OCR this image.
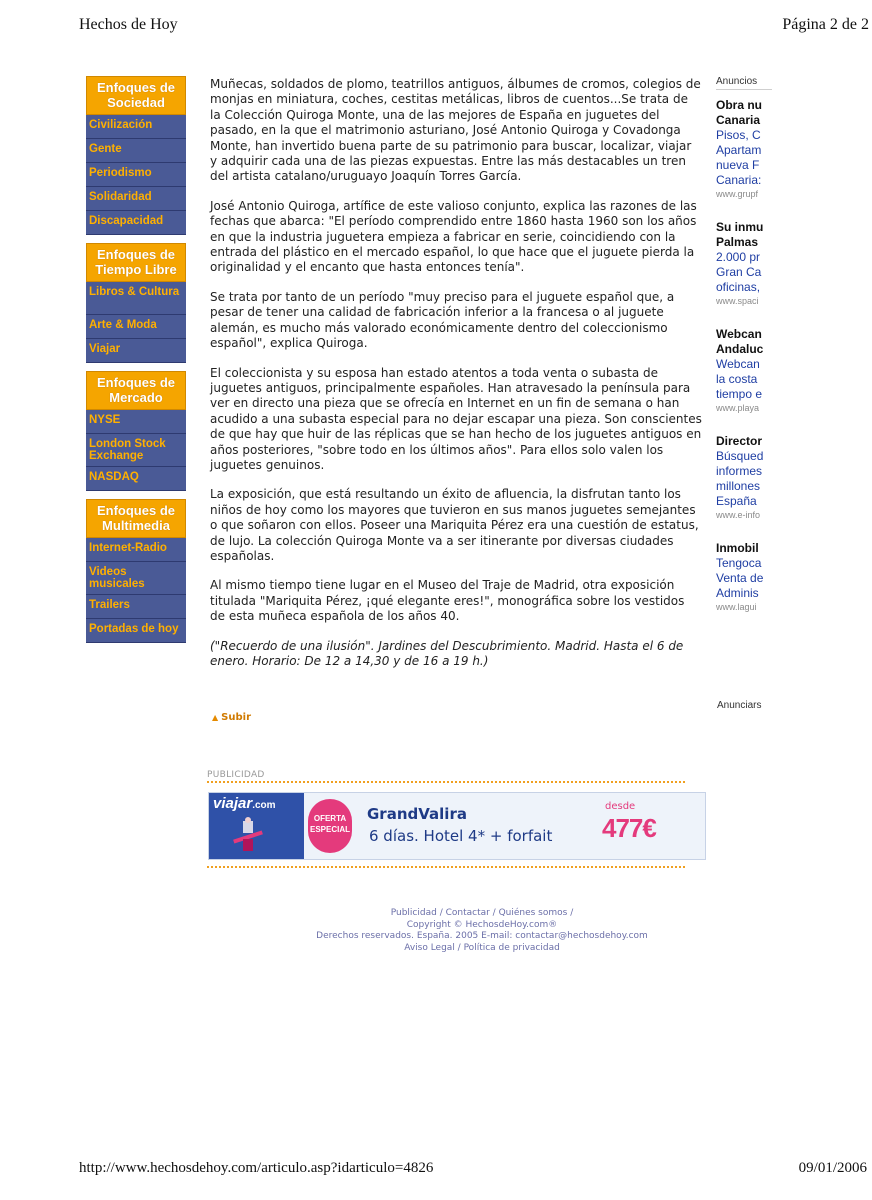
Hechos de Hoy	Página 2 de 2
Enfoques de Sociedad
Civilización
Gente
Periodismo
Solidaridad
Discapacidad
Enfoques de Tiempo Libre
Libros & Cultura
Arte & Moda
Viajar
Enfoques de Mercado
NYSE
London Stock Exchange
NASDAQ
Enfoques de Multimedia
Internet-Radio
Videos musicales
Trailers
Portadas de hoy

Muñecas, soldados de plomo, teatrillos antiguos, álbumes de cromos, colegios de monjas en miniatura, coches, cestitas metálicas, libros de cuentos...Se trata de la Colección Quiroga Monte, una de las mejores de España en juguetes del pasado, en la que el matrimonio asturiano, José Antonio Quiroga y Covadonga Monte, han invertido buena parte de su patrimonio para buscar, localizar, viajar y adquirir cada una de las piezas expuestas. Entre las más destacables un tren del artista catalano/uruguayo Joaquín Torres García.

José Antonio Quiroga, artífice de este valioso conjunto, explica las razones de las fechas que abarca: "El período comprendido entre 1860 hasta 1960 son los años en que la industria juguetera empieza a fabricar en serie, coincidiendo con la entrada del plástico en el mercado español, lo que hace que el juguete pierda la originalidad y el encanto que hasta entonces tenía".

Se trata por tanto de un período "muy preciso para el juguete español que, a pesar de tener una calidad de fabricación inferior a la francesa o al juguete alemán, es mucho más valorado económicamente dentro del coleccionismo español", explica Quiroga.

El coleccionista y su esposa han estado atentos a toda venta o subasta de juguetes antiguos, principalmente españoles. Han atravesado la península para ver en directo una pieza que se ofrecía en Internet en un fin de semana o han acudido a una subasta especial para no dejar escapar una pieza. Son conscientes de que hay que huir de las réplicas que se han hecho de los juguetes antiguos en años posteriores, "sobre todo en los últimos años". Para ellos solo valen los juguetes genuinos.

La exposición, que está resultando un éxito de afluencia, la disfrutan tanto los niños de hoy como los mayores que tuvieron en sus manos juguetes semejantes o que soñaron con ellos. Poseer una Mariquita Pérez era una cuestión de estatus, de lujo. La colección Quiroga Monte va a ser itinerante por diversas ciudades españolas.

Al mismo tiempo tiene lugar en el Museo del Traje de Madrid, otra exposición titulada "Mariquita Pérez, ¡qué elegante eres!", monográfica sobre los vestidos de esta muñeca española de los años 40.

("Recuerdo de una ilusión". Jardines del Descubrimiento. Madrid. Hasta el 6 de enero. Horario: De 12 a 14,30 y de 16 a 19 h.)

▲ Subir
PUBLICIDAD
viajar.com
OFERTA
ESPECIAL
GrandValira
6 días. Hotel 4* + forfait
desde
477€
Publicidad / Contactar / Quiénes somos /
Copyright © HechosdeHoy.com®
Derechos reservados. España. 2005 E-mail: contactar@hechosdehoy.com
Aviso Legal / Política de privacidad
Anuncios
Obra nu
Canaria
Pisos, C
Apartam
nueva F
Canaria:
www.grupf
Su inmu
Palmas
2.000 pr
Gran Ca
oficinas,
www.spaci
Webcan
Andaluc
Webcan
la costa
tiempo e
www.playa
Director
Búsqued
informes
millones
España
www.e-info
Inmobil
Tengoca
Venta de
Adminis
www.lagui
Anunciars
http://www.hechosdehoy.com/articulo.asp?idarticulo=4826	09/01/2006
